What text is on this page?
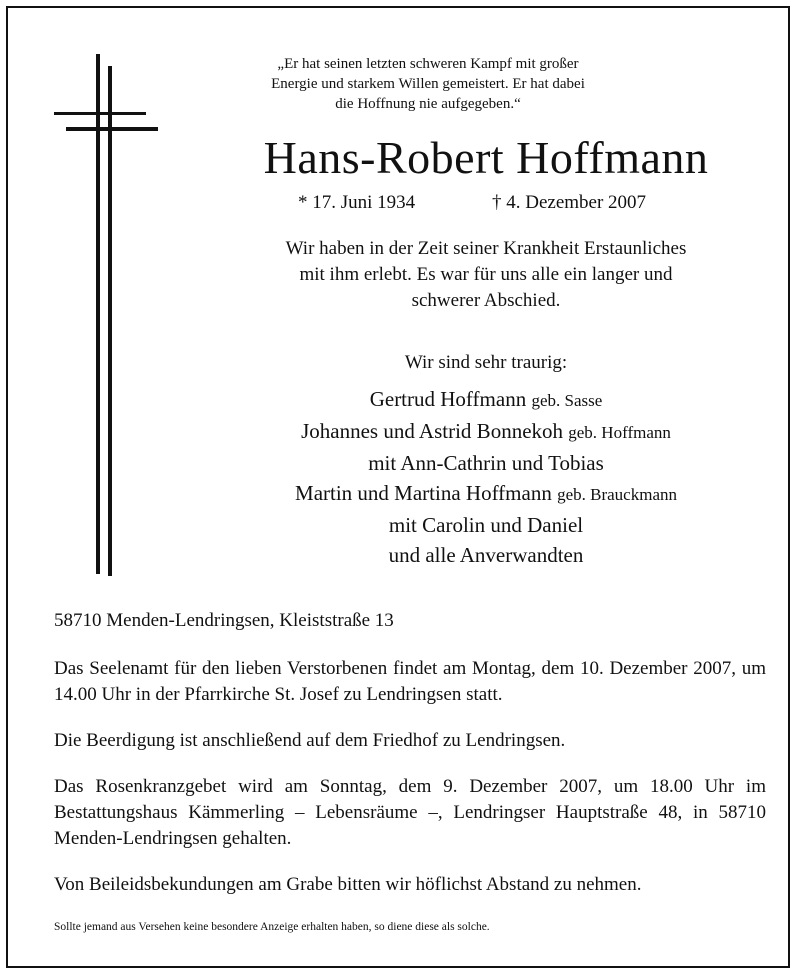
„Er hat seinen letzten schweren Kampf mit großer
Energie und starkem Willen gemeistert. Er hat dabei
die Hoffnung nie aufgegeben.“
Hans-Robert Hoffmann
* 17. Juni 1934	† 4. Dezember 2007
Wir haben in der Zeit seiner Krankheit Erstaunliches
mit ihm erlebt. Es war für uns alle ein langer und
schwerer Abschied.
Wir sind sehr traurig:
Gertrud Hoffmann geb. Sasse
Johannes und Astrid Bonnekoh geb. Hoffmann
mit Ann-Cathrin und Tobias
Martin und Martina Hoffmann geb. Brauckmann
mit Carolin und Daniel
und alle Anverwandten

58710 Menden-Lendringsen, Kleiststraße 13

Das Seelenamt für den lieben Verstorbenen findet am Montag, dem 10. Dezember 2007, um 14.00 Uhr in der Pfarrkirche St. Josef zu Lendringsen statt.

Die Beerdigung ist anschließend auf dem Friedhof zu Lendringsen.

Das Rosenkranzgebet wird am Sonntag, dem 9. Dezember 2007, um 18.00 Uhr im Bestattungshaus Kämmerling – Lebensräume –, Lendringser Hauptstraße 48, in 58710 Menden-Lendringsen gehalten.

Von Beileidsbekundungen am Grabe bitten wir höflichst Abstand zu nehmen.

Sollte jemand aus Versehen keine besondere Anzeige erhalten haben, so diene diese als solche.
